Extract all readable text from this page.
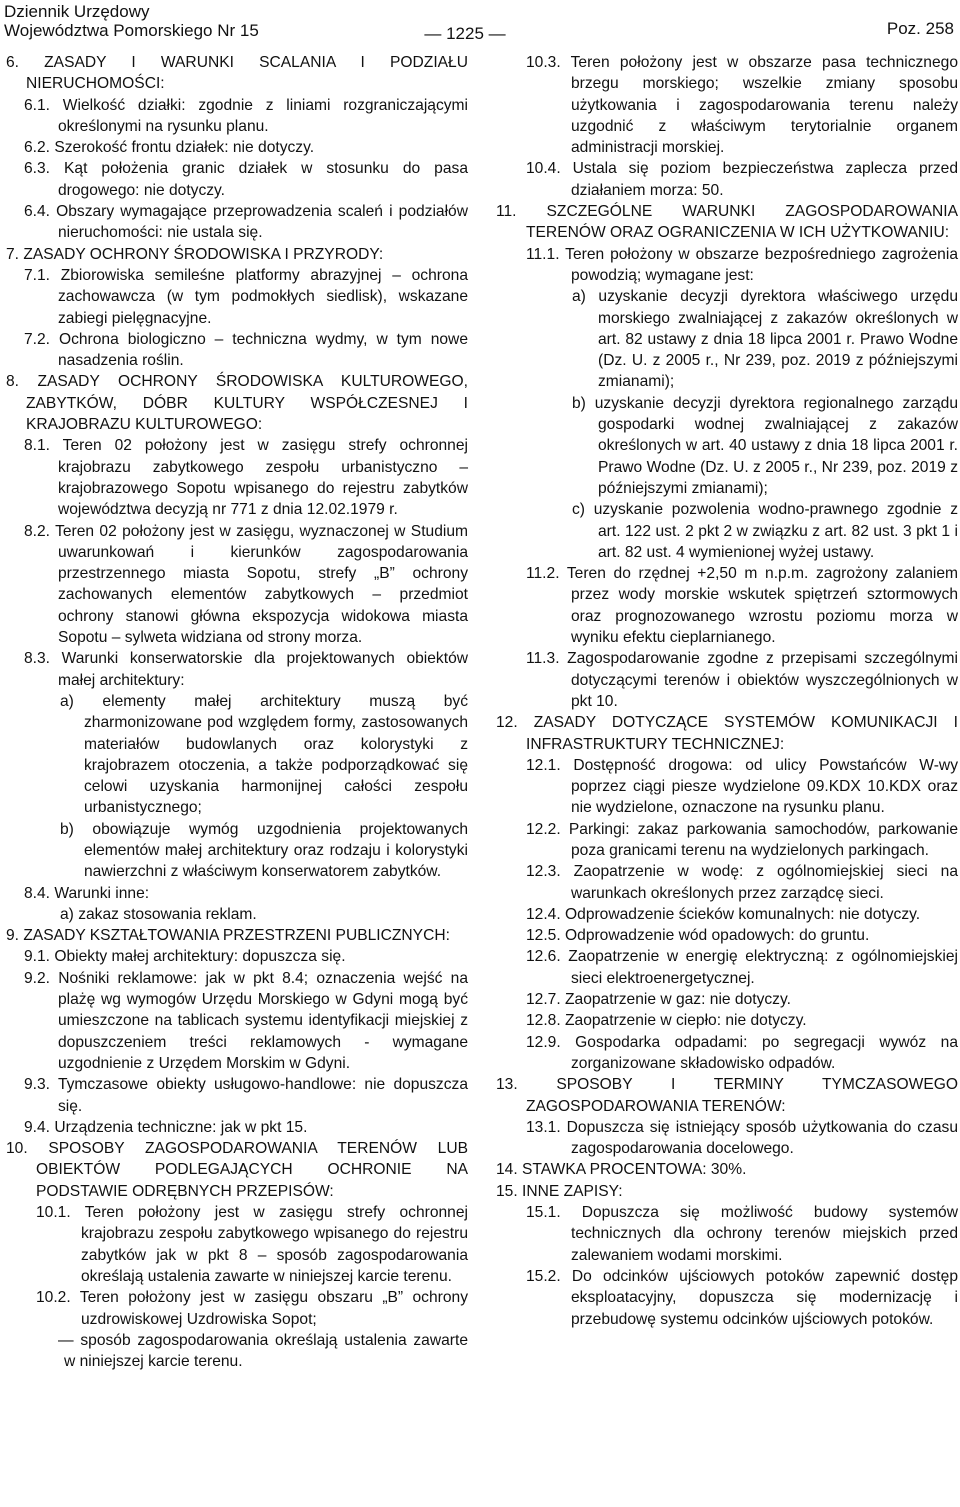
Dziennik Urzędowy
Województwa Pomorskiego Nr 15	— 1225 —	Poz. 258

6. ZASADY I WARUNKI SCALANIA I PODZIAŁU NIERUCHOMOŚCI:

6.1. Wielkość działki: zgodnie z liniami rozgraniczającymi określonymi na rysunku planu.

6.2. Szerokość frontu działek: nie dotyczy.

6.3. Kąt położenia granic działek w stosunku do pasa drogowego: nie dotyczy.

6.4. Obszary wymagające przeprowadzenia scaleń i podziałów nieruchomości: nie ustala się.

7. ZASADY OCHRONY ŚRODOWISKA I PRZYRODY:

7.1. Zbiorowiska semileśne platformy abrazyjnej – ochrona zachowawcza (w tym podmokłych siedlisk), wskazane zabiegi pielęgnacyjne.

7.2. Ochrona biologiczno – techniczna wydmy, w tym nowe nasadzenia roślin.

8. ZASADY OCHRONY ŚRODOWISKA KULTUROWEGO, ZABYTKÓW, DÓBR KULTURY WSPÓŁCZESNEJ I KRAJOBRAZU KULTUROWEGO:

8.1. Teren 02 położony jest w zasięgu strefy ochronnej krajobrazu zabytkowego zespołu urbanistyczno – krajobrazowego Sopotu wpisanego do rejestru zabytków województwa decyzją nr 771 z dnia 12.02.1979 r.

8.2. Teren 02 położony jest w zasięgu, wyznaczonej w Studium uwarunkowań i kierunków zagospodarowania przestrzennego miasta Sopotu, strefy „B” ochrony zachowanych elementów zabytkowych – przedmiot ochrony stanowi główna ekspozycja widokowa miasta Sopotu – sylweta widziana od strony morza.

8.3. Warunki konserwatorskie dla projektowanych obiektów małej architektury:

a) elementy małej architektury muszą być zharmonizowane pod względem formy, zastosowanych materiałów budowlanych oraz kolorystyki z krajobrazem otoczenia, a także podporządkować się celowi uzyskania harmonijnej całości zespołu urbanistycznego;

b) obowiązuje wymóg uzgodnienia projektowanych elementów małej architektury oraz rodzaju i kolorystyki nawierzchni z właściwym konserwatorem zabytków.

8.4. Warunki inne:

a) zakaz stosowania reklam.

9. ZASADY KSZTAŁTOWANIA PRZESTRZENI PUBLICZNYCH:

9.1. Obiekty małej architektury: dopuszcza się.

9.2. Nośniki reklamowe: jak w pkt 8.4; oznaczenia wejść na plażę wg wymogów Urzędu Morskiego w Gdyni mogą być umieszczone na tablicach systemu identyfikacji miejskiej z dopuszczeniem treści reklamowych - wymagane uzgodnienie z Urzędem Morskim w Gdyni.

9.3. Tymczasowe obiekty usługowo-handlowe: nie dopuszcza się.

9.4. Urządzenia techniczne: jak w pkt 15.

10. SPOSOBY ZAGOSPODAROWANIA TERENÓW LUB OBIEKTÓW PODLEGAJĄCYCH OCHRONIE NA PODSTAWIE ODRĘBNYCH PRZEPISÓW:

10.1. Teren położony jest w zasięgu strefy ochronnej krajobrazu zespołu zabytkowego wpisanego do rejestru zabytków jak w pkt 8 – sposób zagospodarowania określają ustalenia zawarte w niniejszej karcie terenu.

10.2. Teren położony jest w zasięgu obszaru „B” ochrony uzdrowiskowej Uzdrowiska Sopot;

— sposób zagospodarowania określają ustalenia zawarte w niniejszej karcie terenu.

10.3. Teren położony jest w obszarze pasa technicznego brzegu morskiego; wszelkie zmiany sposobu użytkowania i zagospodarowania terenu należy uzgodnić z właściwym terytorialnie organem administracji morskiej.

10.4. Ustala się poziom bezpieczeństwa zaplecza przed działaniem morza: 50.

11. SZCZEGÓLNE WARUNKI ZAGOSPODAROWANIA TERENÓW ORAZ OGRANICZENIA W ICH UŻYTKOWANIU:

11.1. Teren położony w obszarze bezpośredniego zagrożenia powodzią; wymagane jest:

a) uzyskanie decyzji dyrektora właściwego urzędu morskiego zwalniającej z zakazów określonych w art. 82 ustawy z dnia 18 lipca 2001 r. Prawo Wodne (Dz. U. z 2005 r., Nr 239, poz. 2019 z późniejszymi zmianami);

b) uzyskanie decyzji dyrektora regionalnego zarządu gospodarki wodnej zwalniającej z zakazów określonych w art. 40 ustawy z dnia 18 lipca 2001 r. Prawo Wodne (Dz. U. z 2005 r., Nr 239, poz. 2019 z późniejszymi zmianami);

c) uzyskanie pozwolenia wodno-prawnego zgodnie z art. 122 ust. 2 pkt 2 w związku z art. 82 ust. 3 pkt 1 i art. 82 ust. 4 wymienionej wyżej ustawy.

11.2. Teren do rzędnej +2,50 m n.p.m. zagrożony zalaniem przez wody morskie wskutek spiętrzeń sztormowych oraz prognozowanego wzrostu poziomu morza w wyniku efektu cieplarnianego.

11.3. Zagospodarowanie zgodne z przepisami szczególnymi dotyczącymi terenów i obiektów wyszczególnionych w pkt 10.

12. ZASADY DOTYCZĄCE SYSTEMÓW KOMUNIKACJI I INFRASTRUKTURY TECHNICZNEJ:

12.1. Dostępność drogowa: od ulicy Powstańców W-wy poprzez ciągi piesze wydzielone 09.KDX 10.KDX oraz nie wydzielone, oznaczone na rysunku planu.

12.2. Parkingi: zakaz parkowania samochodów, parkowanie poza granicami terenu na wydzielonych parkingach.

12.3. Zaopatrzenie w wodę: z ogólnomiejskiej sieci na warunkach określonych przez zarządcę sieci.

12.4. Odprowadzenie ścieków komunalnych: nie dotyczy.

12.5. Odprowadzenie wód opadowych: do gruntu.

12.6. Zaopatrzenie w energię elektryczną: z ogólnomiejskiej sieci elektroenergetycznej.

12.7. Zaopatrzenie w gaz: nie dotyczy.

12.8. Zaopatrzenie w ciepło: nie dotyczy.

12.9. Gospodarka odpadami: po segregacji wywóz na zorganizowane składowisko odpadów.

13. SPOSOBY I TERMINY TYMCZASOWEGO ZAGOSPODAROWANIA TERENÓW:

13.1. Dopuszcza się istniejący sposób użytkowania do czasu zagospodarowania docelowego.

14. STAWKA PROCENTOWA: 30%.

15. INNE ZAPISY:

15.1. Dopuszcza się możliwość budowy systemów technicznych dla ochrony terenów miejskich przed zalewaniem wodami morskimi.

15.2. Do odcinków ujściowych potoków zapewnić dostęp eksploatacyjny, dopuszcza się modernizację i przebudowę systemu odcinków ujściowych potoków.
